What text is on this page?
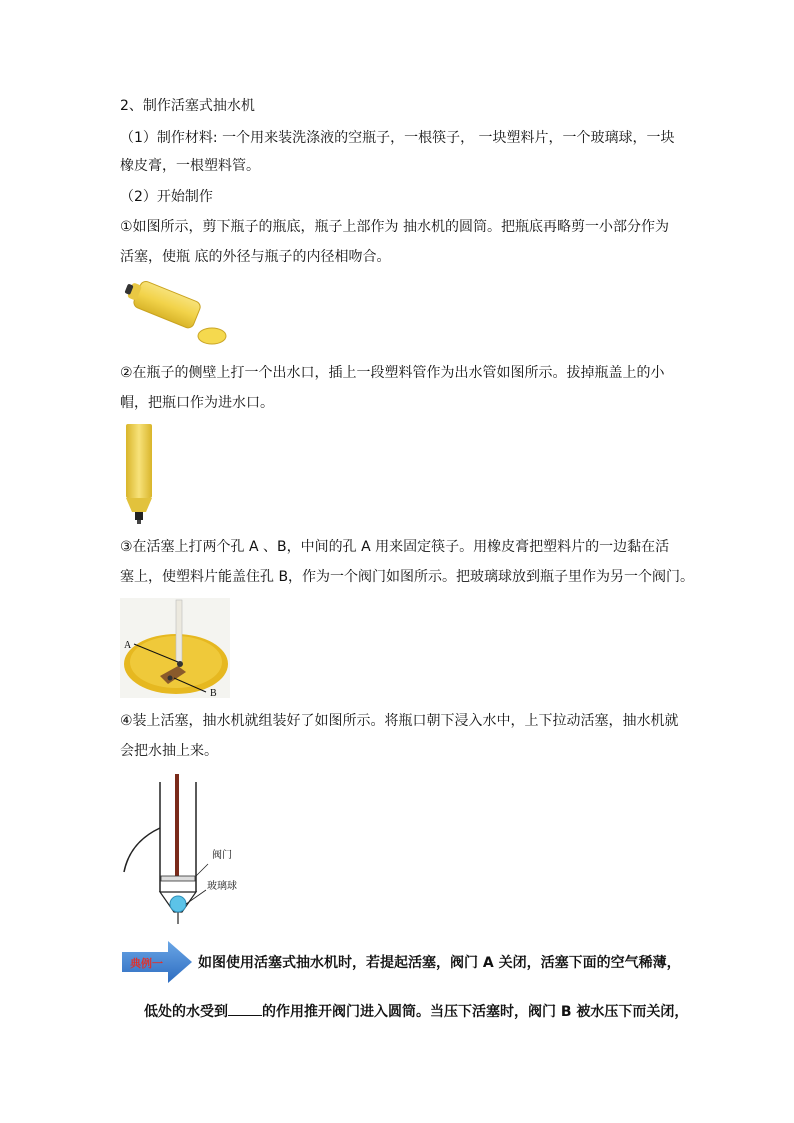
2、制作活塞式抽水机
（1）制作材料: 一个用来装洗涤液的空瓶子，一根筷子， 一块塑料片，一个玻璃球，一块
橡皮膏，一根塑料管。
（2）开始制作
①如图所示，剪下瓶子的瓶底，瓶子上部作为 抽水机的圆筒。把瓶底再略剪一小部分作为
活塞，使瓶 底的外径与瓶子的内径相吻合。
②在瓶子的侧壁上打一个出水口，插上一段塑料管作为出水管如图所示。拔掉瓶盖上的小
帽，把瓶口作为进水口。
③在活塞上打两个孔 A 、B，中间的孔 A 用来固定筷子。用橡皮膏把塑料片的一边黏在活
塞上，使塑料片能盖住孔 B，作为一个阀门如图所示。把玻璃球放到瓶子里作为另一个阀门。
A
B
④装上活塞，抽水机就组装好了如图所示。将瓶口朝下浸入水中，上下拉动活塞，抽水机就
会把水抽上来。
阀门
玻璃球
典例一	如图使用活塞式抽水机时，若提起活塞，阀门 A 关闭，活塞下面的空气稀薄，
低处的水受到 的作用推开阀门进入圆筒。当压下活塞时，阀门 B 被水压下而关闭，
